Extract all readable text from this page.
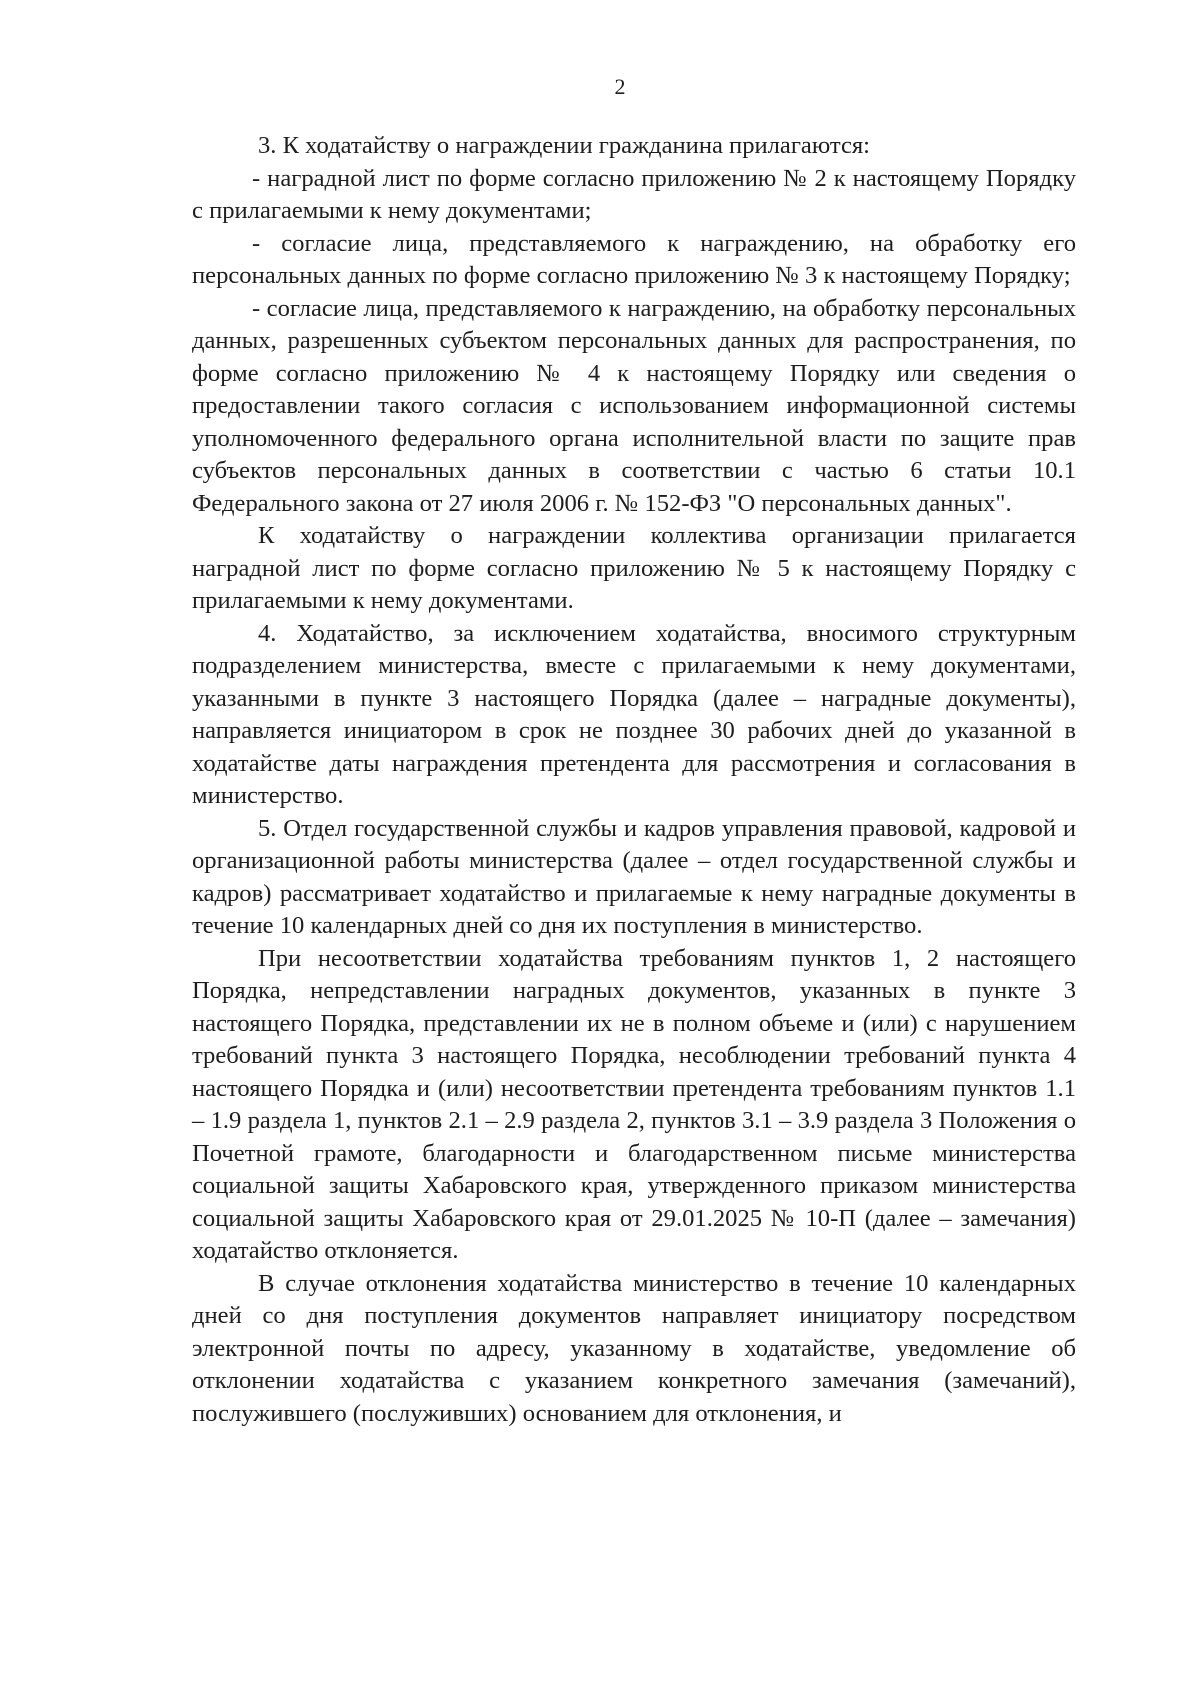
2

3. К ходатайству о награждении гражданина прилагаются:

- наградной лист по форме согласно приложению № 2 к настоящему Порядку с прилагаемыми к нему документами;

- согласие лица, представляемого к награждению, на обработку его персональных данных по форме согласно приложению № 3 к настоящему Порядку;

- согласие лица, представляемого к награждению, на обработку персональных данных, разрешенных субъектом персональных данных для распространения, по форме согласно приложению № 4 к настоящему Порядку или сведения о предоставлении такого согласия с использованием информационной системы уполномоченного федерального органа исполнительной власти по защите прав субъектов персональных данных в соответствии с частью 6 статьи 10.1 Федерального закона от 27 июля 2006 г. № 152-ФЗ "О персональных данных".

К ходатайству о награждении коллектива организации прилагается наградной лист по форме согласно приложению № 5 к настоящему Порядку с прилагаемыми к нему документами.

4. Ходатайство, за исключением ходатайства, вносимого структурным подразделением министерства, вместе с прилагаемыми к нему документами, указанными в пункте 3 настоящего Порядка (далее – наградные документы), направляется инициатором в срок не позднее 30 рабочих дней до указанной в ходатайстве даты награждения претендента для рассмотрения и согласования в министерство.

5. Отдел государственной службы и кадров управления правовой, кадровой и организационной работы министерства (далее – отдел государственной службы и кадров) рассматривает ходатайство и прилагаемые к нему наградные документы в течение 10 календарных дней со дня их поступления в министерство.

При несоответствии ходатайства требованиям пунктов 1, 2 настоящего Порядка, непредставлении наградных документов, указанных в пункте 3 настоящего Порядка, представлении их не в полном объеме и (или) с нарушением требований пункта 3 настоящего Порядка, несоблюдении требований пункта 4 настоящего Порядка и (или) несоответствии претендента требованиям пунктов 1.1 – 1.9 раздела 1, пунктов 2.1 – 2.9 раздела 2, пунктов 3.1 – 3.9 раздела 3 Положения о Почетной грамоте, благодарности и благодарственном письме министерства социальной защиты Хабаровского края, утвержденного приказом министерства социальной защиты Хабаровского края от 29.01.2025 № 10-П (далее – замечания) ходатайство отклоняется.

В случае отклонения ходатайства министерство в течение 10 календарных дней со дня поступления документов направляет инициатору посредством электронной почты по адресу, указанному в ходатайстве, уведомление об отклонении ходатайства с указанием конкретного замечания (замечаний), послужившего (послуживших) основанием для отклонения, и
